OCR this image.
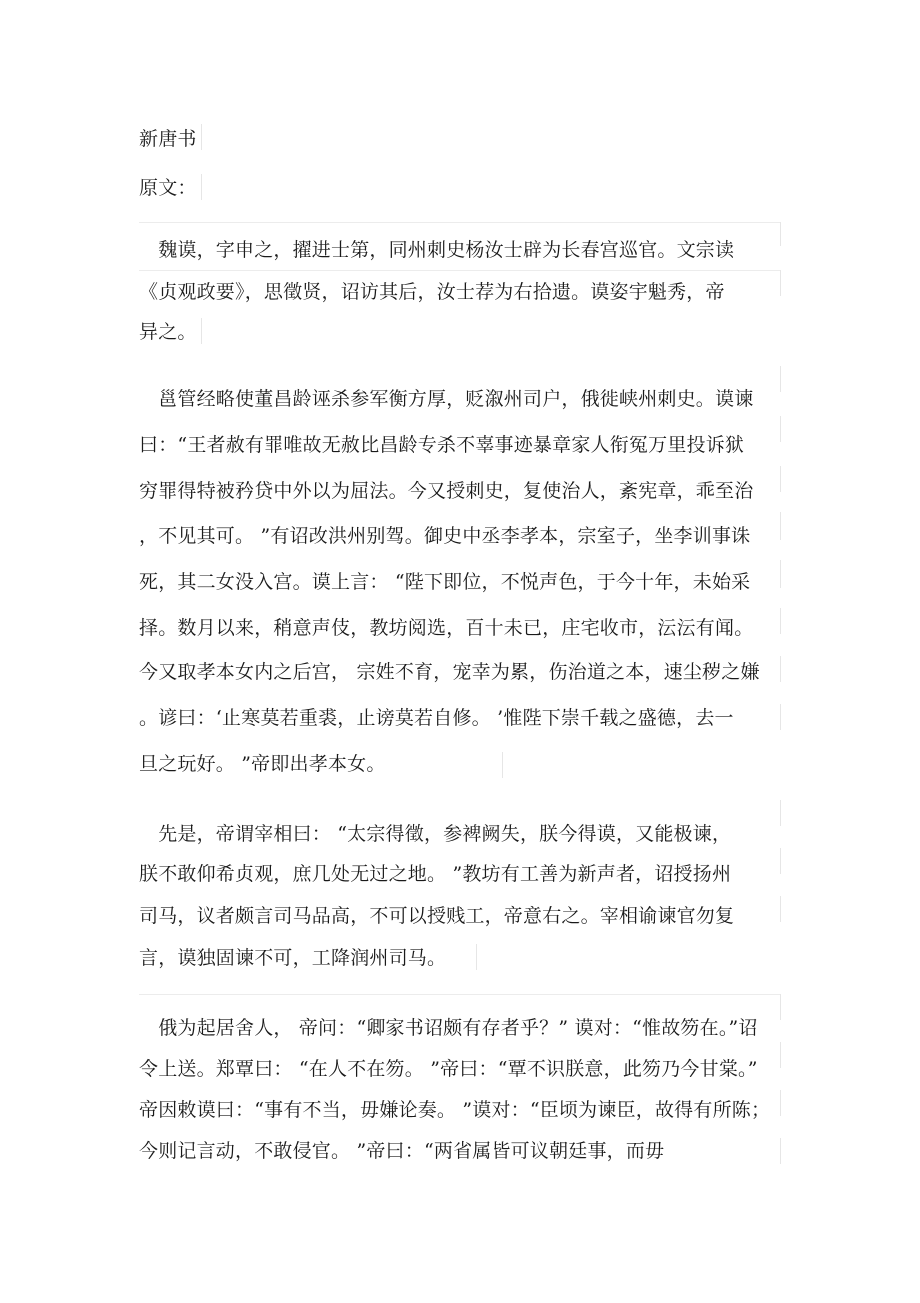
新唐书
原文：
　魏谟，字申之，擢进士第，同州刺史杨汝士辟为长春宫巡官。文宗读
《贞观政要》，思徵贤，诏访其后，汝士荐为右拾遗。谟姿宇魁秀，帝
异之。
　邕管经略使董昌龄诬杀参军衡方厚，贬溆州司户，俄徙峡州刺史。谟谏
曰：“王者赦有罪唯故无赦比昌龄专杀不辜事迹暴章家人衔冤万里投诉狱
穷罪得特被矜贷中外以为屈法。今又授刺史，复使治人，紊宪章，乖至治
，不见其可。 ”有诏改洪州别驾。御史中丞李孝本，宗室子，坐李训事诛
死，其二女没入宫。谟上言： “陛下即位，不悦声色，于今十年，未始采
择。数月以来，稍意声伎，教坊阅选，百十未已，庄宅收市，沄沄有闻。
今又取孝本女内之后宫， 宗姓不育，宠幸为累，伤治道之本，速尘秽之嫌
。谚曰：‘止寒莫若重裘，止谤莫若自修。 ’惟陛下崇千载之盛德，去一
旦之玩好。 ”帝即出孝本女。
　先是，帝谓宰相曰： “太宗得徵，参裨阙失，朕今得谟，又能极谏，
朕不敢仰希贞观，庶几处无过之地。 ”教坊有工善为新声者，诏授扬州
司马，议者颇言司马品高，不可以授贱工，帝意右之。宰相谕谏官勿复
言，谟独固谏不可，工降润州司马。
　俄为起居舍人， 帝问：“卿家书诏颇有存者乎？” 谟对：“惟故笏在。”诏
令上送。郑覃曰： “在人不在笏。 ”帝曰：“覃不识朕意，此笏乃今甘棠。”
帝因敕谟曰：“事有不当，毋嫌论奏。 ”谟对：“臣顷为谏臣，故得有所陈；
今则记言动，不敢侵官。 ”帝曰：“两省属皆可议朝廷事，而毋
